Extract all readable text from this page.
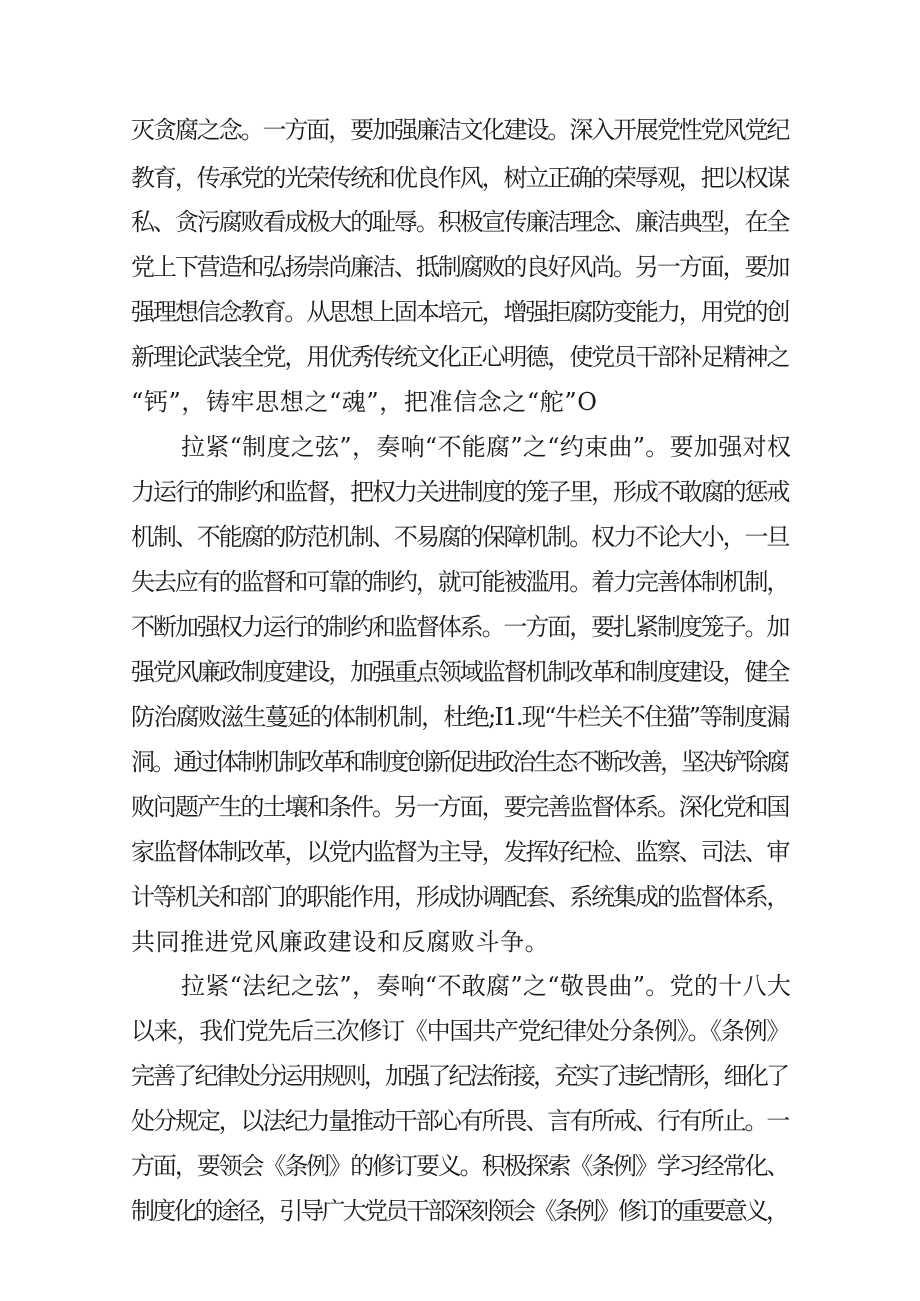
灭贪腐之念。一方面，要加强廉洁文化建设。深入开展党性党风党纪
教育，传承党的光荣传统和优良作风，树立正确的荣辱观，把以权谋
私、贪污腐败看成极大的耻辱。积极宣传廉洁理念、廉洁典型，在全
党上下营造和弘扬崇尚廉洁、抵制腐败的良好风尚。另一方面，要加
强理想信念教育。从思想上固本培元，增强拒腐防变能力，用党的创
新理论武装全党，用优秀传统文化正心明德，使党员干部补足精神之
“钙”，铸牢思想之“魂”，把准信念之“舵”O
拉紧“制度之弦”，奏响“不能腐”之“约束曲”。要加强对权
力运行的制约和监督，把权力关进制度的笼子里，形成不敢腐的惩戒
机制、不能腐的防范机制、不易腐的保障机制。权力不论大小，一旦
失去应有的监督和可靠的制约，就可能被滥用。着力完善体制机制，
不断加强权力运行的制约和监督体系。一方面，要扎紧制度笼子。加
强党风廉政制度建设，加强重点领域监督机制改革和制度建设，健全
防治腐败滋生蔓延的体制机制，杜绝;I1.现“牛栏关不住猫”等制度漏
洞。通过体制机制改革和制度创新促进政治生态不断改善，坚决铲除腐
败问题产生的土壤和条件。另一方面，要完善监督体系。深化党和国
家监督体制改革，以党内监督为主导，发挥好纪检、监察、司法、审
计等机关和部门的职能作用，形成协调配套、系统集成的监督体系，
共同推进党风廉政建设和反腐败斗争。
拉紧“法纪之弦”，奏响“不敢腐”之“敬畏曲”。党的十八大
以来，我们党先后三次修订《中国共产党纪律处分条例》。《条例》
完善了纪律处分运用规则，加强了纪法衔接，充实了违纪情形，细化了
处分规定，以法纪力量推动干部心有所畏、言有所戒、行有所止。一
方面，要领会《条例》的修订要义。积极探索《条例》学习经常化、
制度化的途径，引导广大党员干部深刻领会《条例》修订的重要意义，
